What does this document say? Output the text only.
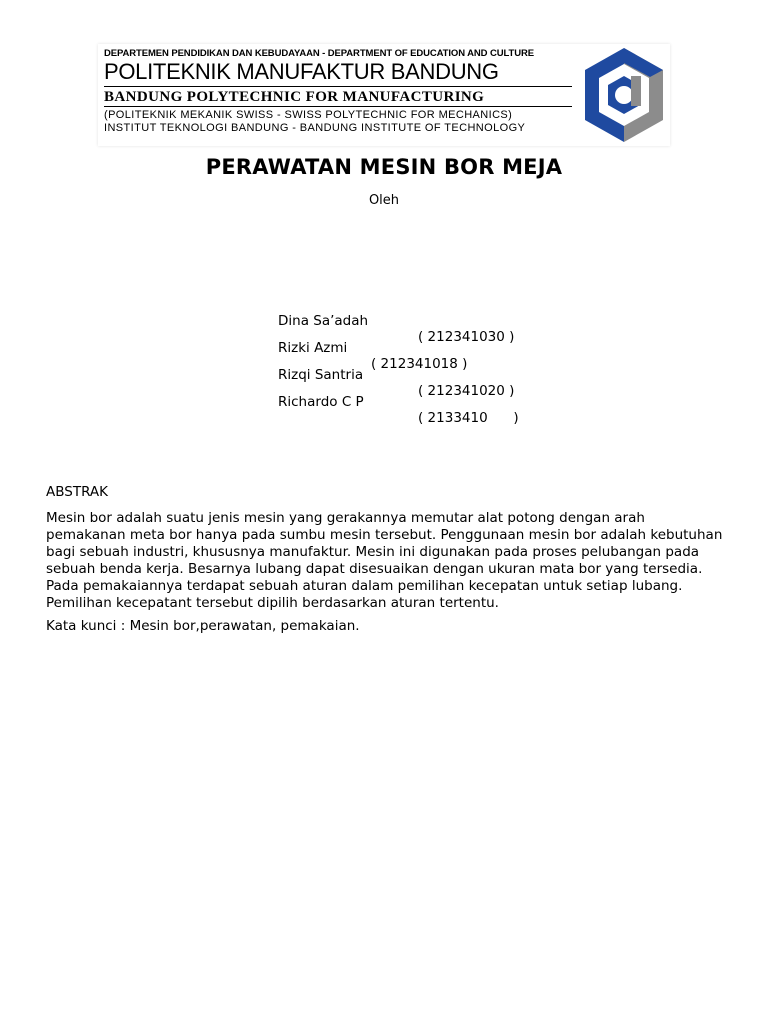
DEPARTEMEN PENDIDIKAN DAN KEBUDAYAAN - DEPARTMENT OF EDUCATION AND CULTURE
POLITEKNIK MANUFAKTUR BANDUNG
BANDUNG POLYTECHNIC FOR MANUFACTURING
(POLITEKNIK MEKANIK SWISS - SWISS POLYTECHNIC FOR MECHANICS)
INSTITUT TEKNOLOGI BANDUNG - BANDUNG INSTITUTE OF TECHNOLOGY
PERAWATAN MESIN BOR MEJA
Oleh

Dina Sa’adah

( 212341030 )

Rizki Azmi

( 212341018 )

Rizqi Santria

( 212341020 )

Richardo C P

( 2133410      )

ABSTRAK

Mesin bor adalah suatu jenis mesin yang gerakannya memutar alat potong dengan arah pemakanan meta bor hanya pada sumbu mesin tersebut. Penggunaan mesin bor adalah kebutuhan bagi sebuah industri, khususnya manufaktur. Mesin ini digunakan pada proses pelubangan pada sebuah benda kerja. Besarnya lubang dapat disesuaikan dengan ukuran mata bor yang tersedia. Pada pemakaiannya terdapat sebuah aturan dalam pemilihan kecepatan untuk setiap lubang. Pemilihan kecepatant tersebut dipilih berdasarkan aturan tertentu.

Kata kunci : Mesin bor,perawatan, pemakaian.
